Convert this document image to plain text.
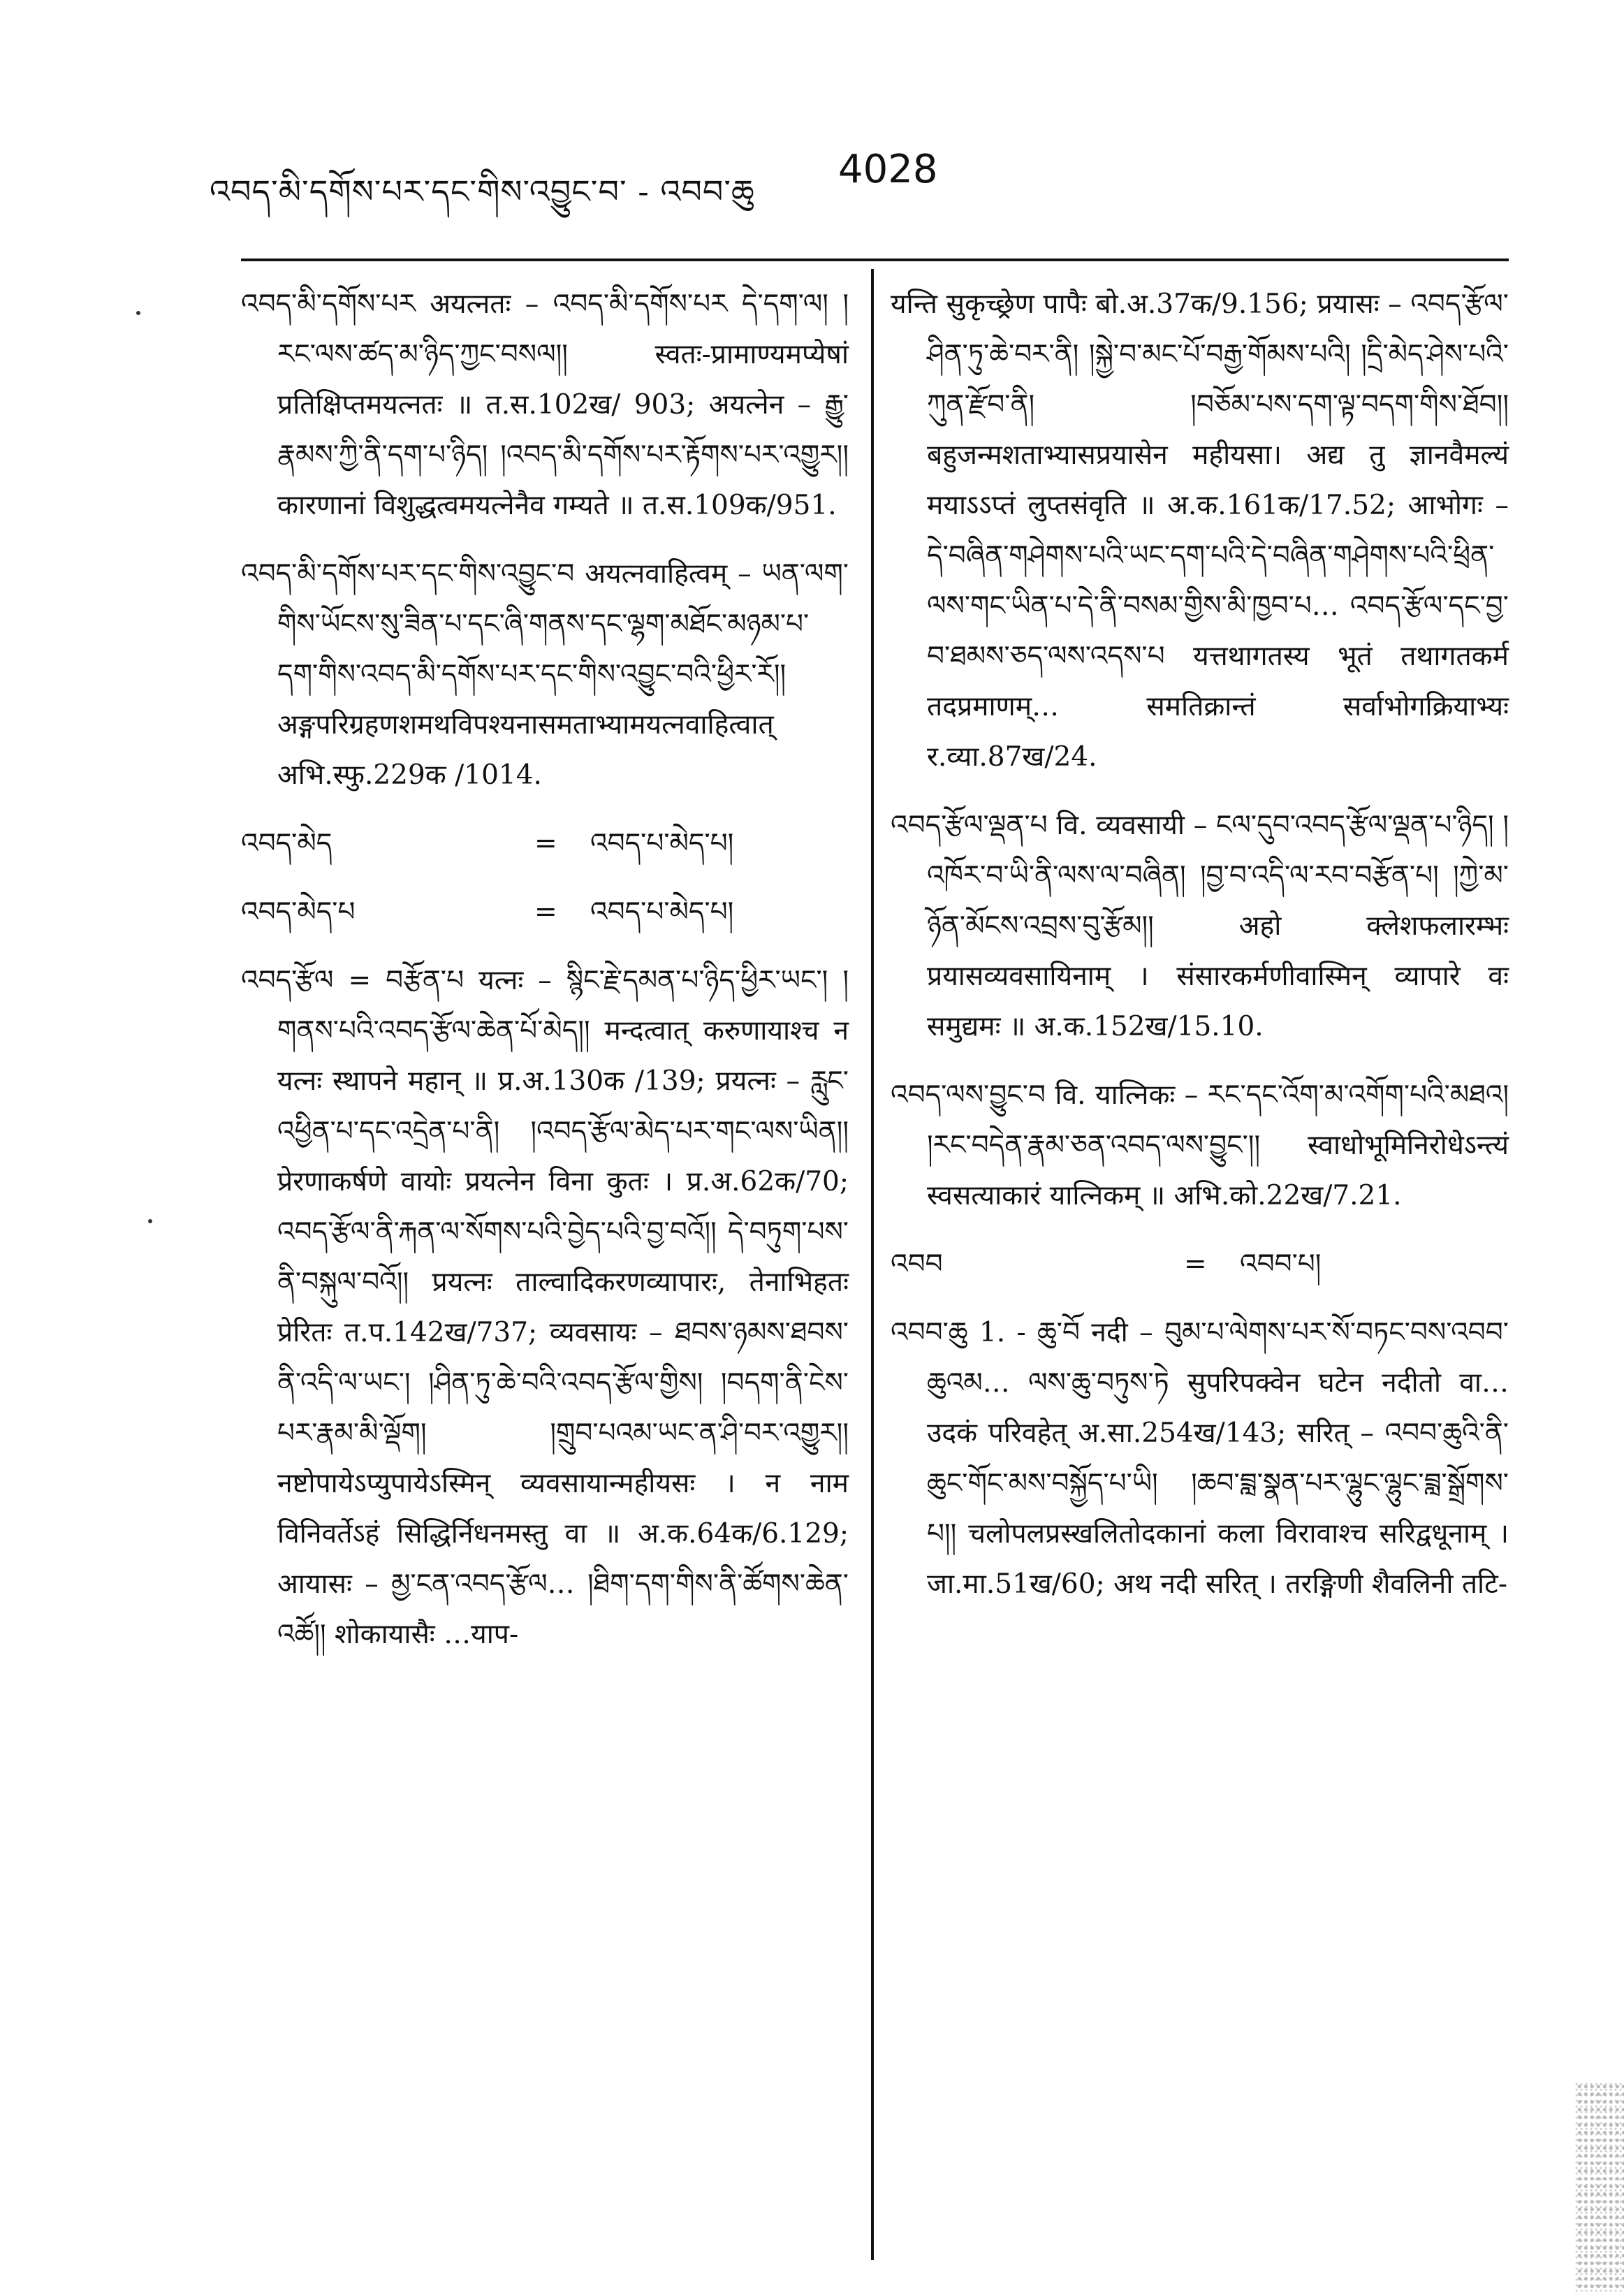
འབད་མི་དགོས་པར་དང་གིས་འབྱུང་བ་ - འབབ་ཆུ 4028

འབད་མི་དགོས་པར अयत्नतः – འབད་མི་དགོས་པར དེ་དག་ལ། །རང་ལས་ཚད་མ་ཉིད་ཀྱང་བསལ།། स्वतः-प्रामाण्यमप्येषां प्रतिक्षिप्तमयत्नतः ॥ त.स.102ख/ 903; अयत्नेन – རྒྱུ་རྣམས་ཀྱི་ནི་དག་པ་ཉིད། །འབད་མི་དགོས་པར་རྟོགས་པར་འགྱུར།། कारणानां विशुद्धत्वमयत्नेनैव गम्यते ॥ त.स.109क/951.

འབད་མི་དགོས་པར་དང་གིས་འབྱུང་བ अयत्नवाहित्वम् – ཡན་ལག་གིས་ཡོངས་སུ་ཟིན་པ་དང་ཞི་གནས་དང་ལྷག་མཐོང་མཉམ་པ་དག་གིས་འབད་མི་དགོས་པར་དང་གིས་འབྱུང་བའི་ཕྱིར་རོ།། अङ्गपरिग्रहणशमथविपश्यनासमताभ्यामयत्नवाहित्वात् अभि.स्फु.229क /1014.

འབད་མེད	=	འབད་པ་མེད་པ།
འབད་མེད་པ	=	འབད་པ་མེད་པ།

འབད་རྩོལ = བརྩོན་པ यत्नः – སྙིང་རྗེ་དམན་པ་ཉིད་ཕྱིར་ཡང་། །གནས་པའི་འབད་རྩོལ་ཆེན་པོ་མེད།། मन्दत्वात् करुणायाश्च न यत्नः स्थापने महान् ॥ प्र.अ.130क /139; प्रयत्नः – རླུང་འཕྱིན་པ་དང་འདྲེན་པ་ནི། །འབད་རྩོལ་མེད་པར་གང་ལས་ཡིན།། प्रेरणाकर्षणे वायोः प्रयत्नेन विना कुतः । प्र.अ.62क/70; འབད་རྩོལ་ནི་རྐན་ལ་སོགས་པའི་བྱེད་པའི་བྱ་བའོ།། དེ་བཏུག་པས་ནི་བསྐུལ་བའོ།། प्रयत्नः ताल्वादिकरणव्यापारः, तेनाभिहतः प्रेरितः त.प.142ख/737; व्यवसायः – ཐབས་ཉམས་ཐབས་ནི་འདི་ལ་ཡང་། །ཤིན་ཏུ་ཆེ་བའི་འབད་རྩོལ་གྱིས། །བདག་ནི་ངེས་པར་རྣམ་མི་ལྡོག། །གྲུབ་པའམ་ཡང་ན་ཤི་བར་འགྱུར།། नष्टोपायेऽप्युपायेऽस्मिन् व्यवसायान्महीयसः । न नाम विनिवर्तेऽहं सिद्धिर्निधनमस्तु वा ॥ अ.क.64क/6.129; आयासः – མྱ་ངན་འབད་རྩོལ… །ཐིག་དག་གིས་ནི་ཚོགས་ཆེན་འཚོ།། शोकायासैः …याप-

यन्ति सुकृच्छ्रेण पापैः बो.अ.37क/9.156; प्रयासः – འབད་རྩོལ་ཤིན་ཏུ་ཆེ་བར་ནི། །སྐྱེ་བ་མང་པོ་བརྒྱ་གོམས་པའི། །དྲི་མེད་ཤེས་པའི་ཀུན་རྫོབ་ནི། །བཅོམ་པས་དག་ལྟ་བདག་གིས་ཐོབ།། बहुजन्मशताभ्यासप्रयासेन महीयसा। अद्य तु ज्ञानवैमल्यं मयाऽऽप्तं लुप्तसंवृति ॥ अ.क.161क/17.52; आभोगः – དེ་བཞིན་གཤེགས་པའི་ཡང་དག་པའི་དེ་བཞིན་གཤེགས་པའི་ཕྲིན་ལས་གང་ཡིན་པ་དེ་ནི་བསམ་གྱིས་མི་ཁྱབ་པ… འབད་རྩོལ་དང་བྱ་བ་ཐམས་ཅད་ལས་འདས་པ यत्तथागतस्य भूतं तथागतकर्म तदप्रमाणम्… समतिक्रान्तं सर्वाभोगक्रियाभ्यः र.व्या.87ख/24.

འབད་རྩོལ་ལྡན་པ वि. व्यवसायी – ངལ་དུབ་འབད་རྩོལ་ལྡན་པ་ཉིད། །འཁོར་བ་ཡི་ནི་ལས་ལ་བཞིན། །བྱ་བ་འདི་ལ་རབ་བརྩོན་པ། །ཀྱེ་མ་ཉོན་མོངས་འབྲས་བུ་རྩོམ།། अहो क्लेशफलारम्भः प्रयासव्यवसायिनाम् । संसारकर्मणीवास्मिन् व्यापारे वः समुद्यमः ॥ अ.क.152ख/15.10.

འབད་ལས་བྱུང་བ वि. यात्निकः – རང་དང་འོག་མ་འགོག་པའི་མཐའ། །རང་བདེན་རྣམ་ཅན་འབད་ལས་བྱུང་།། स्वाधोभूमिनिरोधेऽन्त्यं स्वसत्याकारं यात्निकम् ॥ अभि.को.22ख/7.21.

འབབ	=	འབབ་པ།

འབབ་ཆུ 1. - ཆུ་བོ नदी – བུམ་པ་ལེགས་པར་སོ་བཏང་བས་འབབ་ཆུའམ… ལས་ཆུ་བཏུས་ཏེ सुपरिपक्वेन घटेन नदीतो वा…उदकं परिवहेत् अ.सा.254ख/143; सरित् – འབབ་ཆུའི་ནི་ཆུང་གོང་མས་བསྐྱོད་པ་ཡི། །ཆབ་བྲླ་སྣན་པར་ལྷུང་ལྷུང་བྲླ་སྒྲོགས་པ།། चलोपलप्रस्खलितोदकानां कला विरावाश्च सरिद्वधूनाम् । जा.मा.51ख/60; अथ नदी सरित् । तरङ्गिणी शैवलिनी तटि-
